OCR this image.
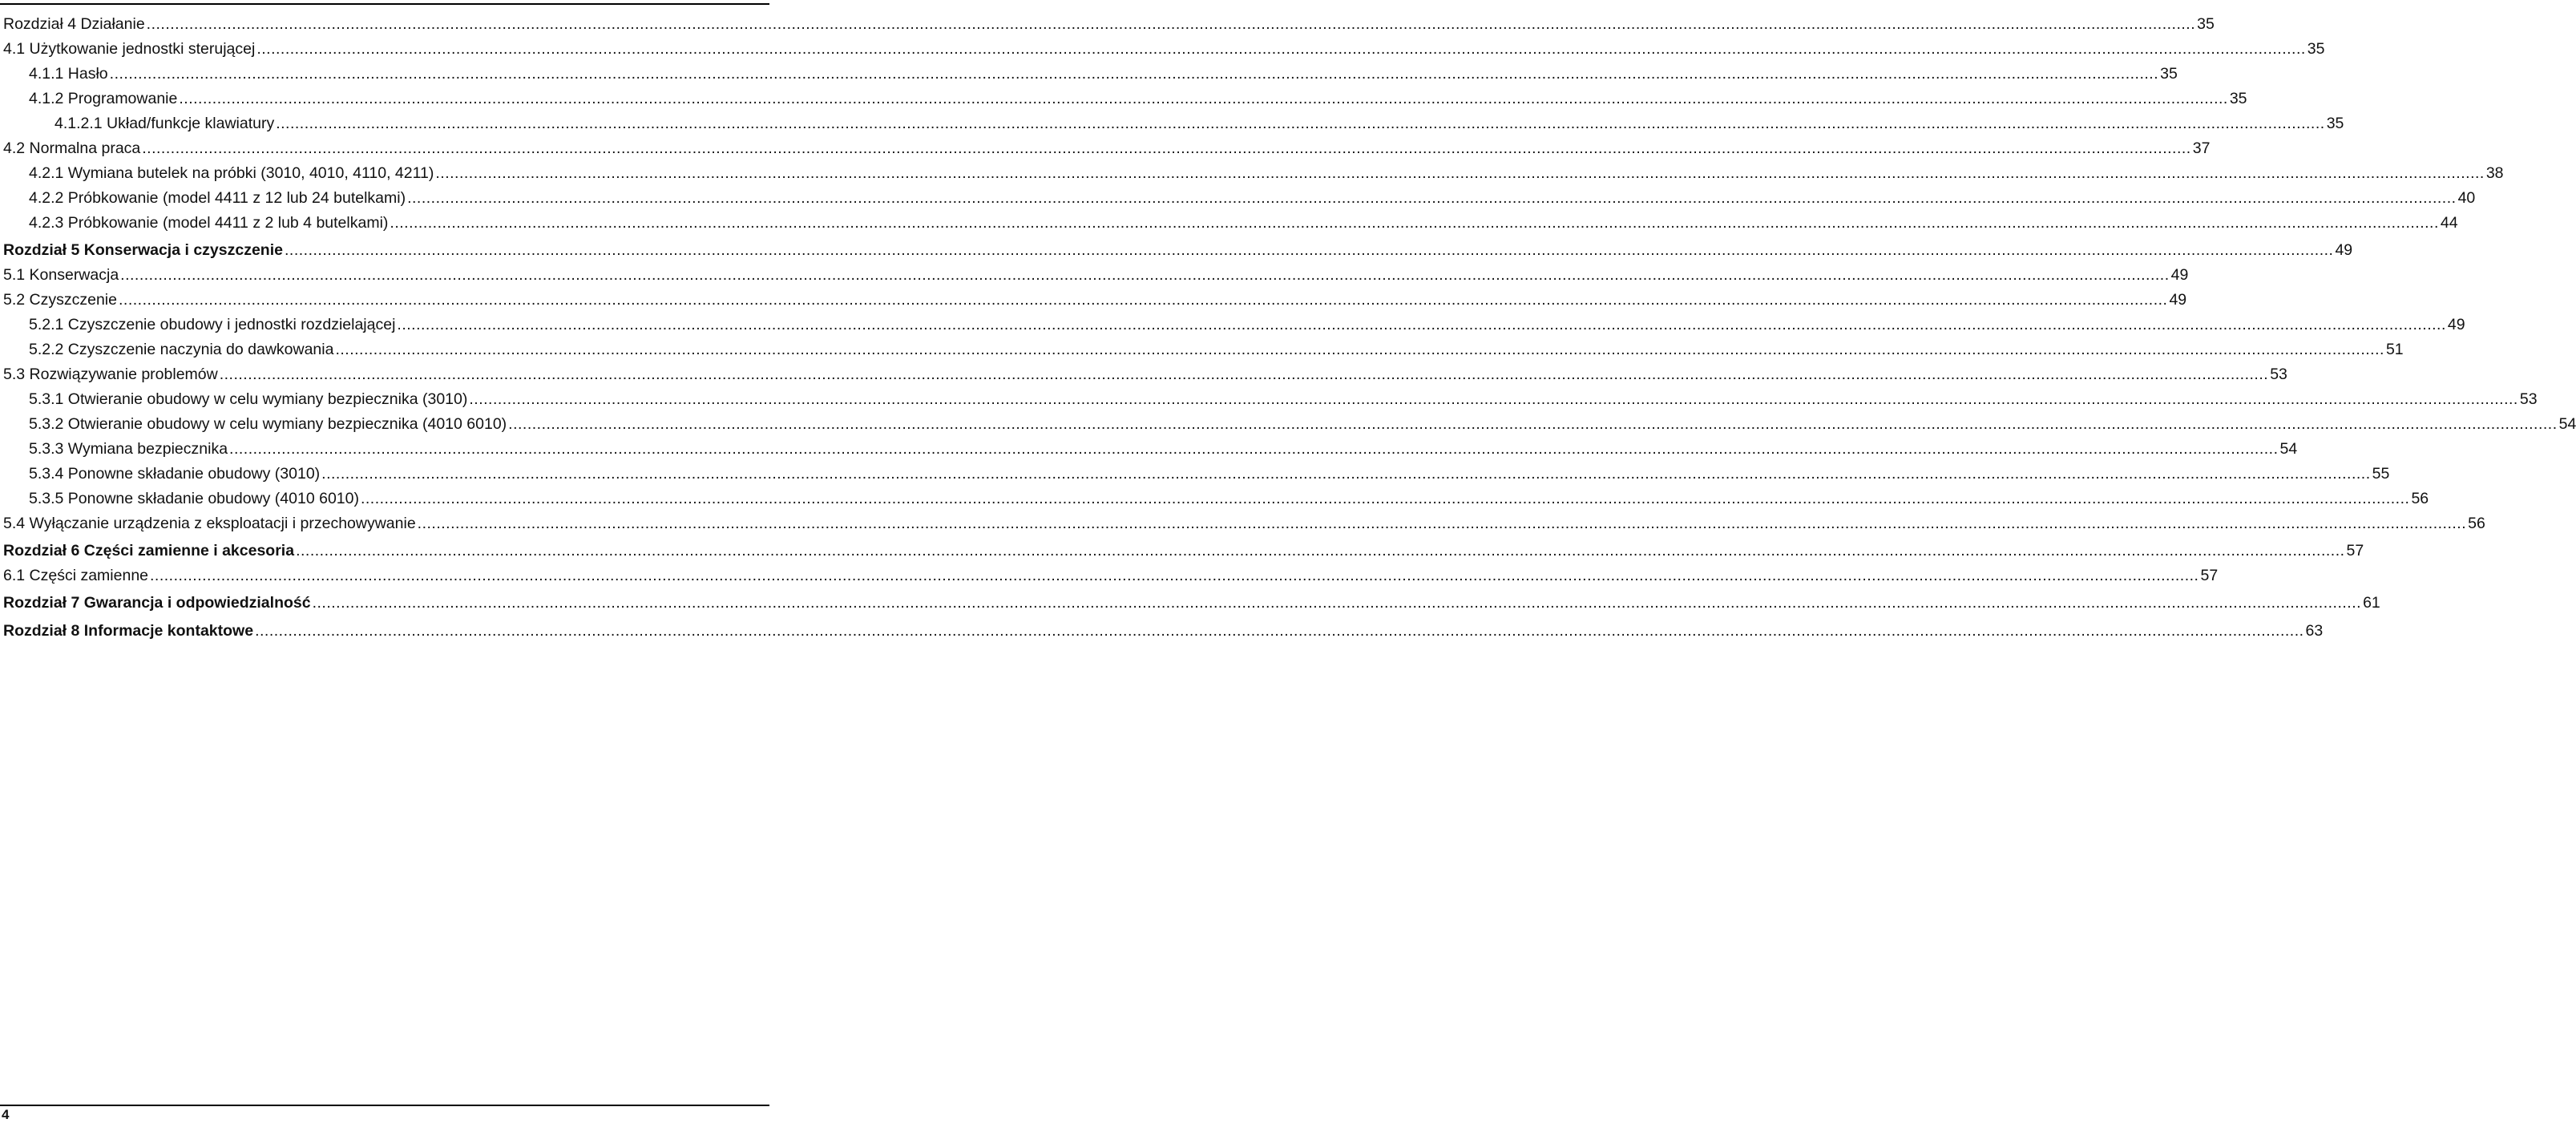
Rozdział 4 Działanie .....	35
4.1 Użytkowanie jednostki sterującej .....	35
4.1.1 Hasło .....	35
4.1.2 Programowanie .....	35
4.1.2.1 Układ/funkcje klawiatury .....	35
4.2 Normalna praca .....	37
4.2.1 Wymiana butelek na próbki (3010, 4010, 4110, 4211) .....	38
4.2.2 Próbkowanie (model 4411 z 12 lub 24 butelkami) .....	40
4.2.3 Próbkowanie (model 4411 z 2 lub 4 butelkami) .....	44
Rozdział 5 Konserwacja i czyszczenie .....	49
5.1 Konserwacja .....	49
5.2 Czyszczenie .....	49
5.2.1 Czyszczenie obudowy i jednostki rozdzielającej .....	49
5.2.2 Czyszczenie naczynia do dawkowania .....	51
5.3 Rozwiązywanie problemów .....	53
5.3.1 Otwieranie obudowy w celu wymiany bezpiecznika (3010) .....	53
5.3.2 Otwieranie obudowy w celu wymiany bezpiecznika (4010 6010) .....	54
5.3.3 Wymiana bezpiecznika .....	54
5.3.4 Ponowne składanie obudowy (3010) .....	55
5.3.5 Ponowne składanie obudowy (4010 6010) .....	56
5.4 Wyłączanie urządzenia z eksploatacji i przechowywanie .....	56
Rozdział 6 Części zamienne i akcesoria .....	57
6.1 Części zamienne .....	57
Rozdział 7 Gwarancja i odpowiedzialność .....	61
Rozdział 8 Informacje kontaktowe .....	63
4
